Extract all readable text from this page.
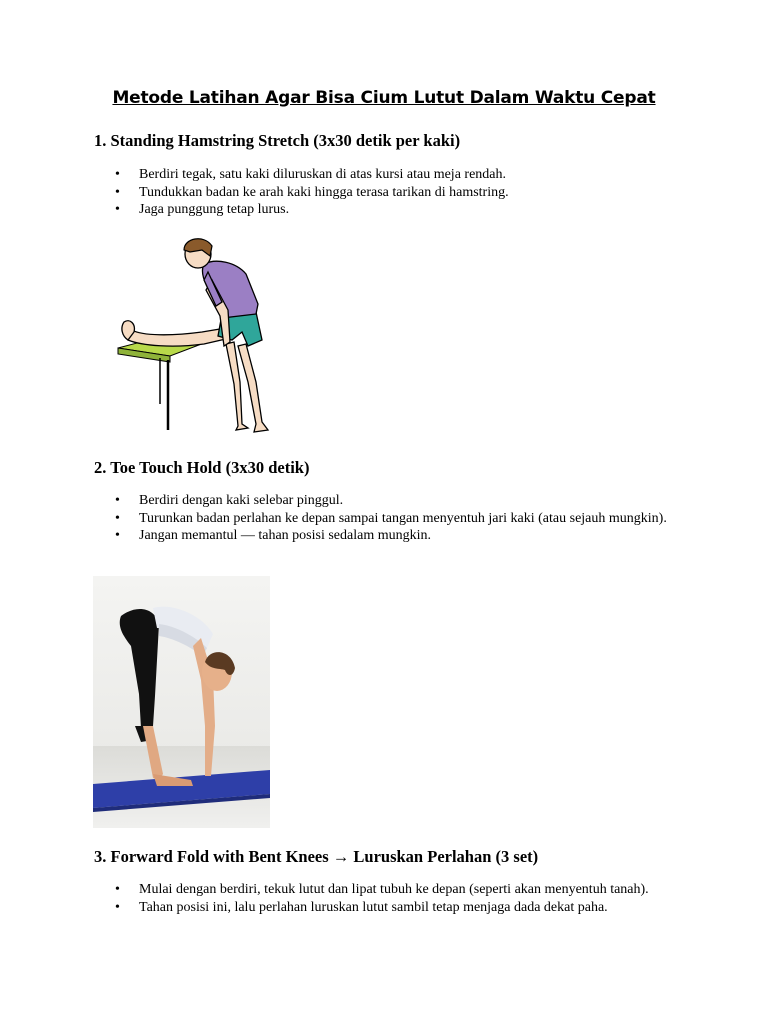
Metode Latihan Agar Bisa Cium Lutut Dalam Waktu Cepat
1. Standing Hamstring Stretch (3x30 detik per kaki)
• Berdiri tegak, satu kaki diluruskan di atas kursi atau meja rendah.
• Tundukkan badan ke arah kaki hingga terasa tarikan di hamstring.
• Jaga punggung tetap lurus.
2. Toe Touch Hold (3x30 detik)
• Berdiri dengan kaki selebar pinggul.
• Turunkan badan perlahan ke depan sampai tangan menyentuh jari kaki (atau sejauh mungkin).
• Jangan memantul — tahan posisi sedalam mungkin.
3. Forward Fold with Bent Knees → Luruskan Perlahan (3 set)
• Mulai dengan berdiri, tekuk lutut dan lipat tubuh ke depan (seperti akan menyentuh tanah).
• Tahan posisi ini, lalu perlahan luruskan lutut sambil tetap menjaga dada dekat paha.
